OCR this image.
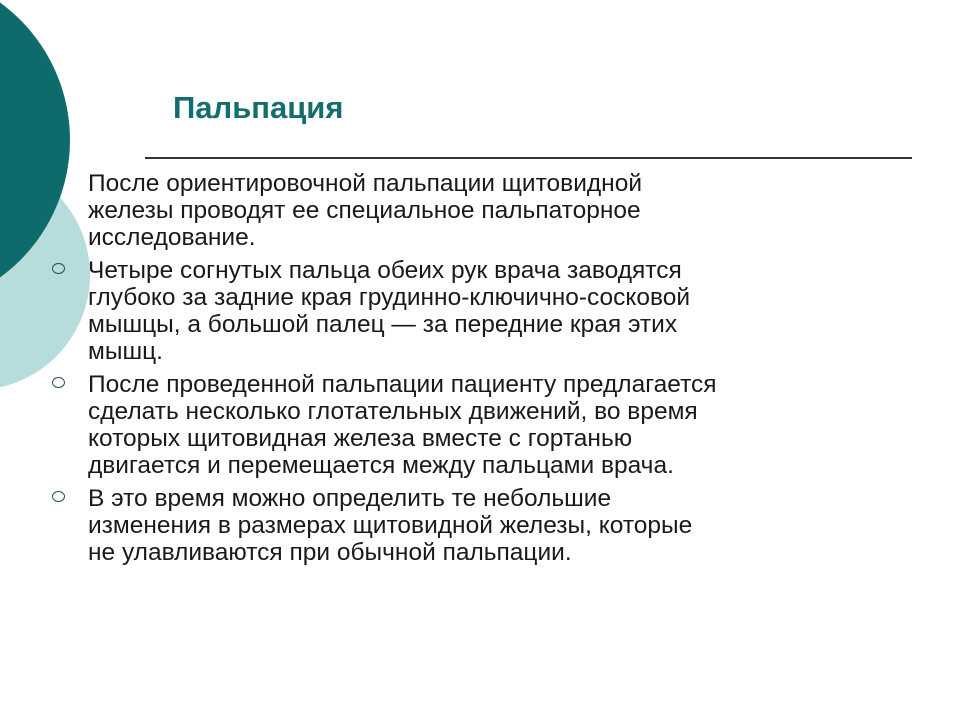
Пальпация
После ориентировочной пальпации щитовидной
железы проводят ее специальное пальпаторное
исследование.
Четыре согнутых пальца обеих рук врача заводятся
глубоко за задние края грудинно-ключично-сосковой
мышцы, а большой палец — за передние края этих
мышц.
После проведенной пальпации пациенту предлагается
сделать несколько глотательных движений, во время
которых щитовидная железа вместе с гортанью
двигается и перемещается между пальцами врача.
В это время можно определить те небольшие
изменения в размерах щитовидной железы, которые
не улавливаются при обычной пальпации.
